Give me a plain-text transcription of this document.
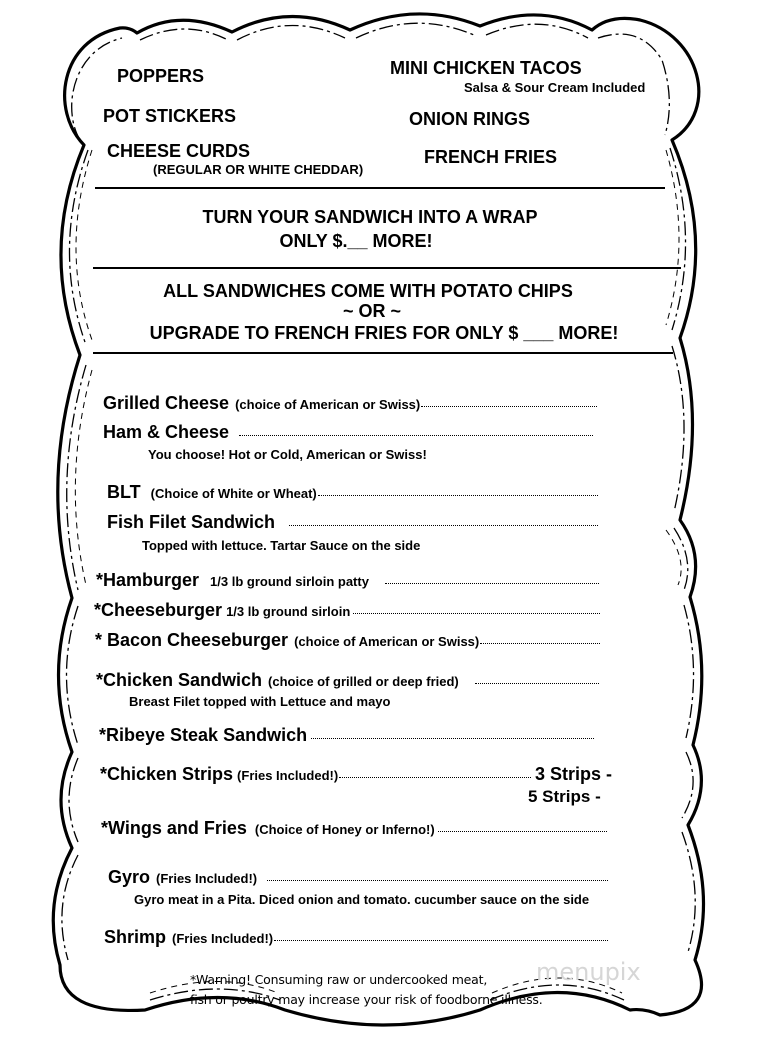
POPPERS
POT STICKERS
CHEESE CURDS
(REGULAR OR WHITE CHEDDAR)
MINI CHICKEN TACOS
Salsa & Sour Cream Included
ONION RINGS
FRENCH FRIES
TURN YOUR SANDWICH INTO A WRAP
ONLY $.__ MORE!
ALL SANDWICHES COME WITH POTATO CHIPS
~ OR ~
UPGRADE TO FRENCH FRIES FOR ONLY $ ___ MORE!
Grilled Cheese (choice of American or Swiss)
Ham & Cheese
You choose! Hot or Cold, American or Swiss!
BLT (Choice of White or Wheat)
Fish Filet Sandwich
Topped with lettuce. Tartar Sauce on the side
*Hamburger 1/3 lb ground sirloin patty
*Cheeseburger 1/3 lb ground sirloin
* Bacon Cheeseburger (choice of American or Swiss)
*Chicken Sandwich (choice of grilled or deep fried)
Breast Filet topped with Lettuce and mayo
*Ribeye Steak Sandwich
*Chicken Strips (Fries Included!)	3 Strips -
5 Strips -
*Wings and Fries (Choice of Honey or Inferno!)
Gyro (Fries Included!)
Gyro meat in a Pita. Diced onion and tomato. cucumber sauce on the side
Shrimp (Fries Included!)
menupix
*Warning! Consuming raw or undercooked meat,
fish or poultry may increase your risk of foodborne illness.
